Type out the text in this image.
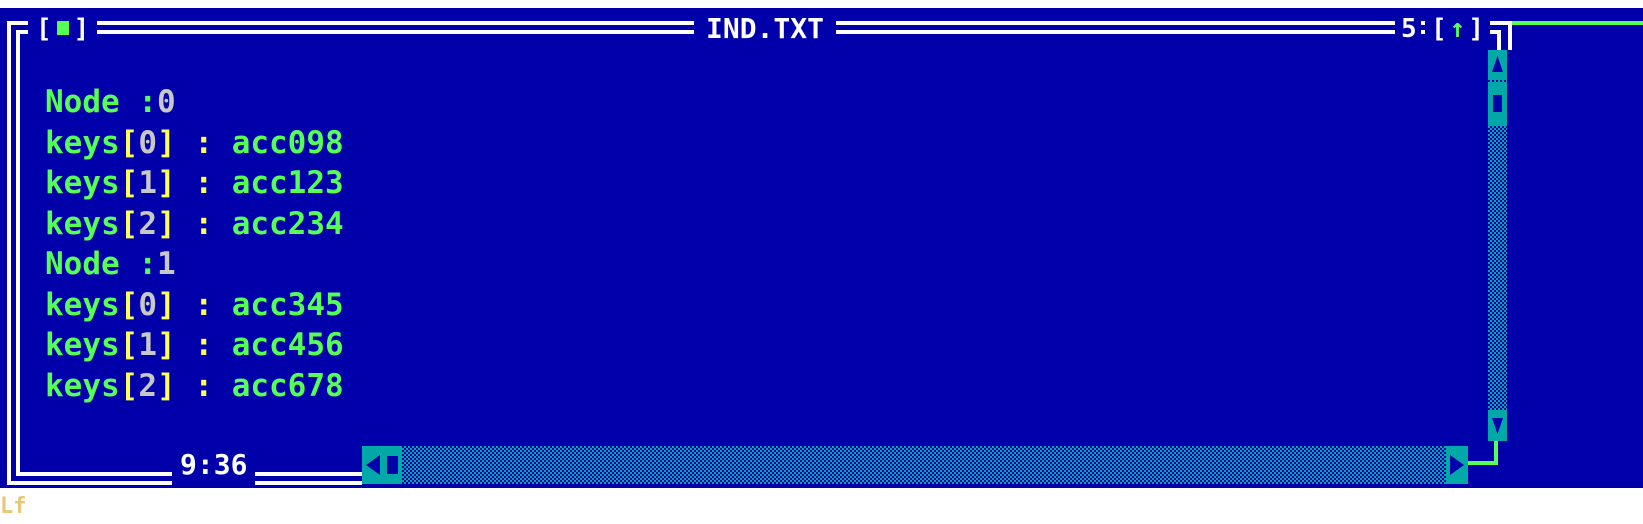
[ ]	IND.TXT	5 [ ↑ ]
Node :0
keys[0] : acc098
keys[1] : acc123
keys[2] : acc234
Node :1
keys[0] : acc345
keys[1] : acc456
keys[2] : acc678
9:36
Lf
